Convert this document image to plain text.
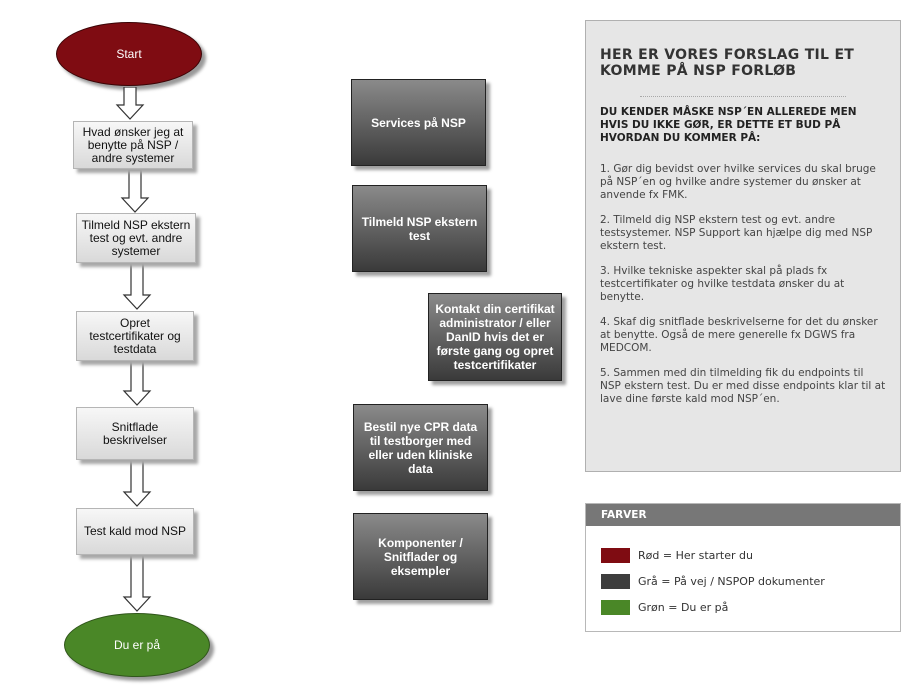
Start
Hvad ønsker jeg at benytte på NSP / andre systemer
Tilmeld NSP ekstern test og evt. andre systemer
Opret testcertifikater og testdata
Snitflade beskrivelser
Test kald mod NSP
Du er på
Services på NSP
Tilmeld NSP ekstern test
Kontakt din certifikat administrator / eller DanID hvis det er første gang og opret testcertifikater
Bestil nye CPR data til testborger med eller uden kliniske data
Komponenter / Snitflader og eksempler
HER ER VORES FORSLAG TIL ET KOMME PÅ NSP FORLØB
DU KENDER MÅSKE NSP´EN ALLEREDE MEN HVIS DU IKKE GØR, ER DETTE ET BUD PÅ HVORDAN DU KOMMER PÅ:

1. Gør dig bevidst over hvilke services du skal bruge på NSP´en og hvilke andre systemer du ønsker at anvende fx FMK.

2. Tilmeld dig NSP ekstern test og evt. andre testsystemer. NSP Support kan hjælpe dig med NSP ekstern test.

3. Hvilke tekniske aspekter skal på plads fx testcertifikater og hvilke testdata ønsker du at benytte.

4. Skaf dig snitflade beskrivelserne for det du ønsker at benytte. Også de mere generelle fx DGWS fra MEDCOM.

5. Sammen med din tilmelding fik du endpoints til NSP ekstern test. Du er med disse endpoints klar til at lave dine første kald mod NSP´en.

FARVER
Rød = Her starter du
Grå = På vej / NSPOP dokumenter
Grøn = Du er på
